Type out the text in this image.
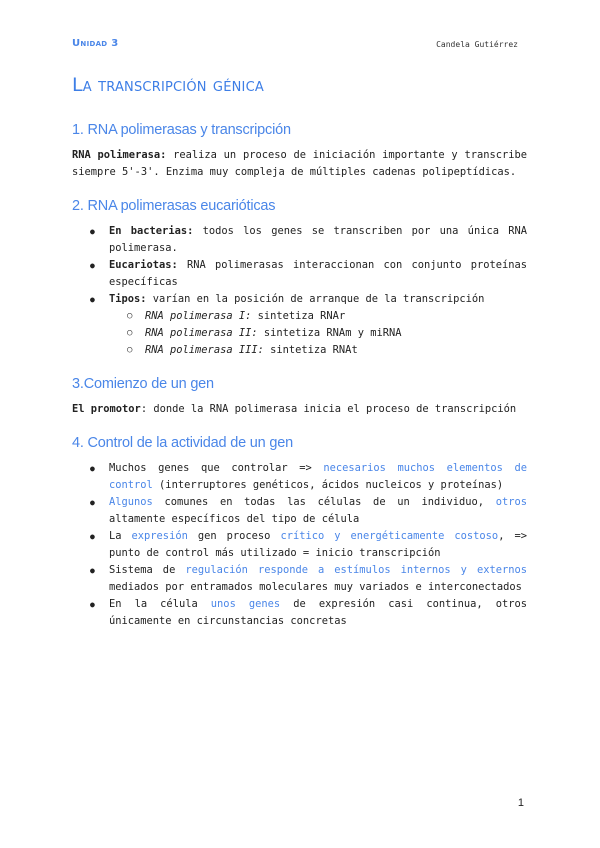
Unidad 3	Candela Gutiérrez
La transcripción génica
1. RNA polimerasas y transcripción

RNA polimerasa: realiza un proceso de iniciación importante y transcribe siempre 5'-3'. Enzima muy compleja de múltiples cadenas polipeptídicas.

2. RNA polimerasas eucarióticas
● En bacterias: todos los genes se transcriben por una única RNA polimerasa.
● Eucariotas: RNA polimerasas interaccionan con conjunto proteínas específicas
● Tipos: varían en la posición de arranque de la transcripción
○ RNA polimerasa I: sintetiza RNAr
○ RNA polimerasa II: sintetiza RNAm y miRNA
○ RNA polimerasa III: sintetiza RNAt
3.Comienzo de un gen

El promotor: donde la RNA polimerasa inicia el proceso de transcripción

4. Control de la actividad de un gen
● Muchos genes que controlar => necesarios muchos elementos de control (interruptores genéticos, ácidos nucleicos y proteínas)
● Algunos comunes en todas las células de un individuo, otros altamente específicos del tipo de célula
● La expresión gen proceso crítico y energéticamente costoso, => punto de control más utilizado = inicio transcripción
● Sistema de regulación responde a estímulos internos y externos mediados por entramados moleculares muy variados e interconectados
● En la célula unos genes de expresión casi continua, otros únicamente en circunstancias concretas
1
